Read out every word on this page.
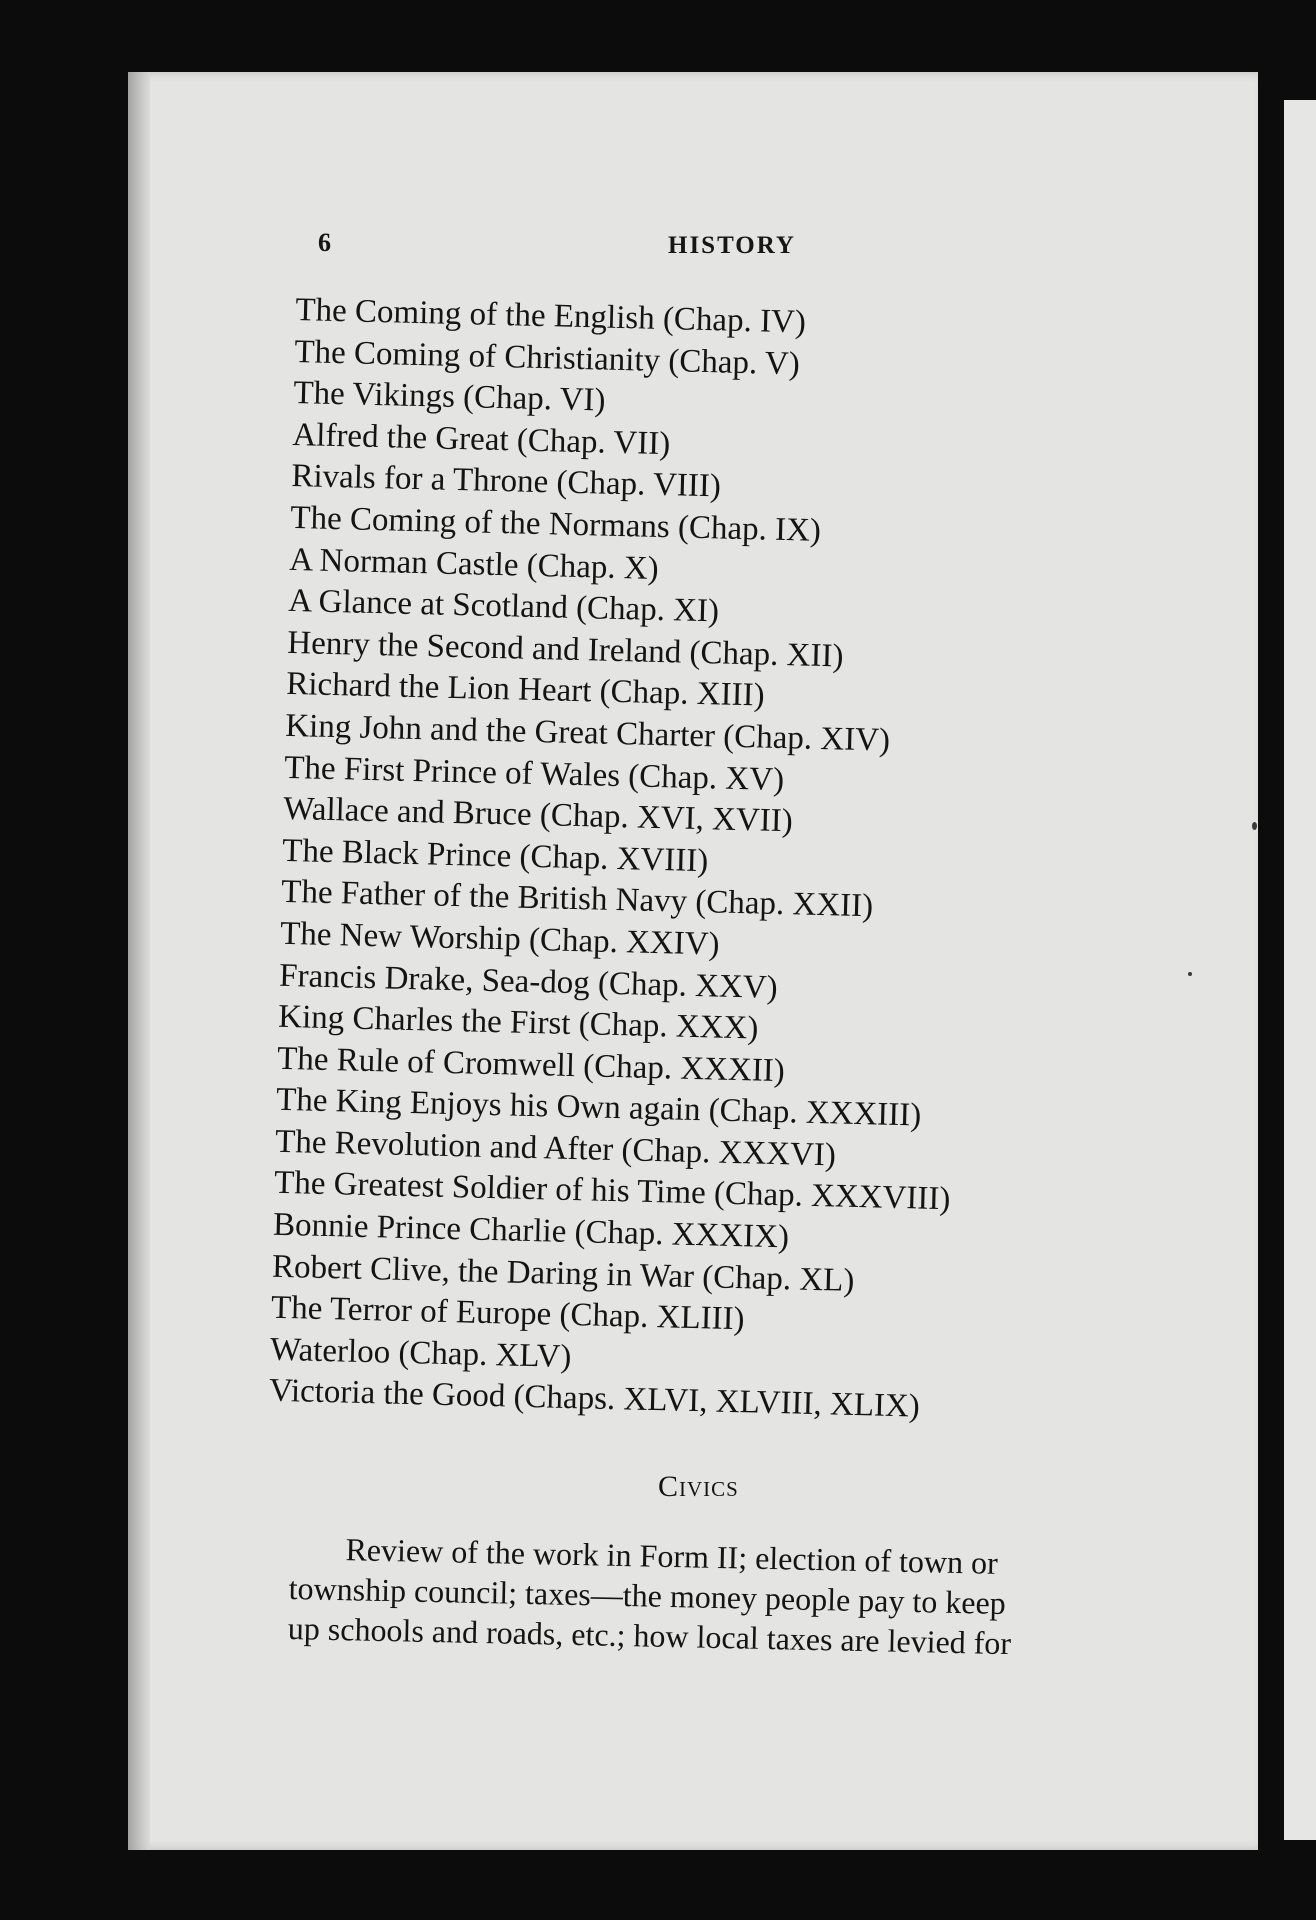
6	HISTORY
The Coming of the English (Chap. IV)
The Coming of Christianity (Chap. V)
The Vikings (Chap. VI)
Alfred the Great (Chap. VII)
Rivals for a Throne (Chap. VIII)
The Coming of the Normans (Chap. IX)
A Norman Castle (Chap. X)
A Glance at Scotland (Chap. XI)
Henry the Second and Ireland (Chap. XII)
Richard the Lion Heart (Chap. XIII)
King John and the Great Charter (Chap. XIV)
The First Prince of Wales (Chap. XV)
Wallace and Bruce (Chap. XVI, XVII)
The Black Prince (Chap. XVIII)
The Father of the British Navy (Chap. XXII)
The New Worship (Chap. XXIV)
Francis Drake, Sea-dog (Chap. XXV)
King Charles the First (Chap. XXX)
The Rule of Cromwell (Chap. XXXII)
The King Enjoys his Own again (Chap. XXXIII)
The Revolution and After (Chap. XXXVI)
The Greatest Soldier of his Time (Chap. XXXVIII)
Bonnie Prince Charlie (Chap. XXXIX)
Robert Clive, the Daring in War (Chap. XL)
The Terror of Europe (Chap. XLIII)
Waterloo (Chap. XLV)
Victoria the Good (Chaps. XLVI, XLVIII, XLIX)
Civics

Review of the work in Form II; election of town or
township council; taxes—the money people pay to keep
up schools and roads, etc.; how local taxes are levied for
